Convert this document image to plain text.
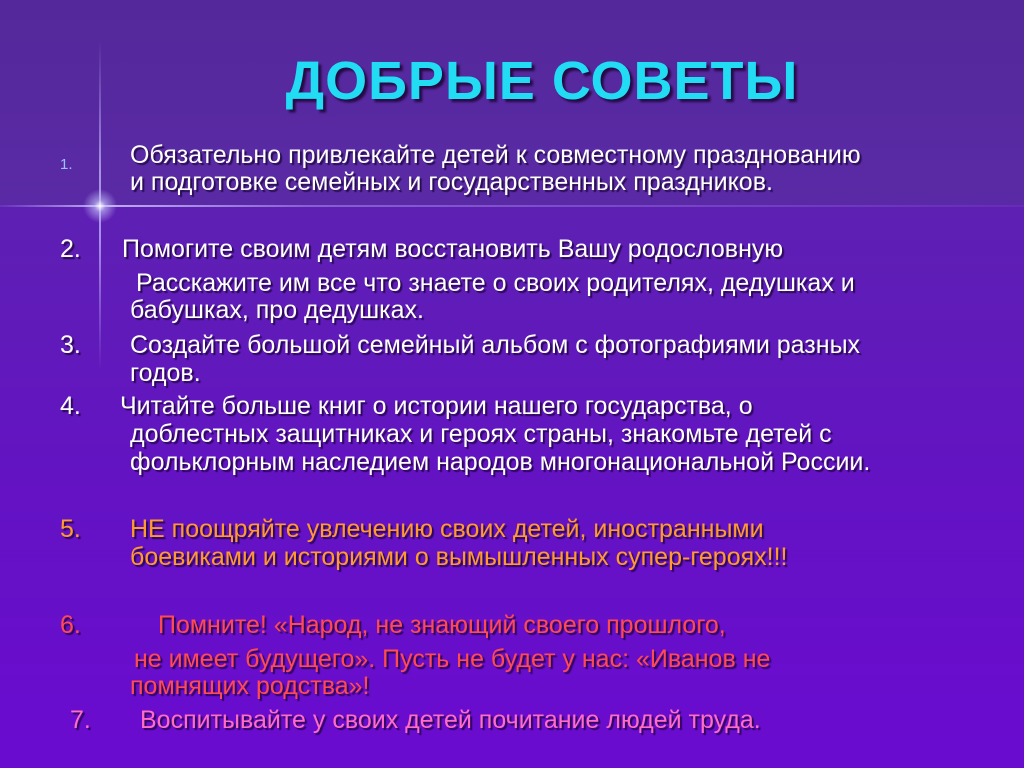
ДОБРЫЕ СОВЕТЫ
1. Обязательно привлекайте детей к совместному празднованию
и подготовке семейных и государственных праздников.
2. Помогите своим детям восстановить Вашу родословную
Расскажите им все что знаете о своих родителях, дедушках и
бабушках, про дедушках.
3. Создайте большой семейный альбом с фотографиями разных
годов.
4. Читайте больше книг о истории нашего государства, о
доблестных защитниках и героях страны, знакомьте детей с
фольклорным наследием народов многонациональной России.
5. НЕ поощряйте увлечению своих детей, иностранными
боевиками и историями о вымышленных супер-героях!!!
6.	Помните! «Народ, не знающий своего прошлого,
не имеет будущего». Пусть не будет у нас: «Иванов не
помнящих родства»!
7. Воспитывайте у своих детей почитание людей труда.
